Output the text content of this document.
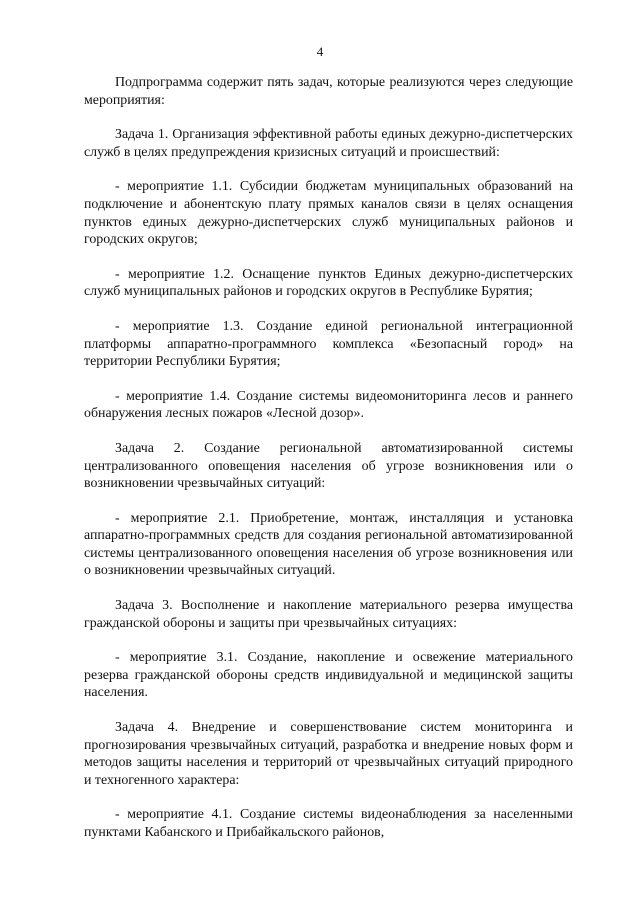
4

Подпрограмма содержит пять задач, которые реализуются через следующие мероприятия:

Задача 1. Организация эффективной работы единых дежурно-диспетчерских служб в целях предупреждения кризисных ситуаций и происшествий:

- мероприятие 1.1. Субсидии бюджетам муниципальных образований на подключение и абонентскую плату прямых каналов связи в целях оснащения пунктов единых дежурно-диспетчерских служб муниципальных районов и городских округов;

- мероприятие 1.2. Оснащение пунктов Единых дежурно-диспетчерских служб муниципальных районов и городских округов в Республике Бурятия;

- мероприятие 1.3. Создание единой региональной интеграционной платформы аппаратно-программного комплекса «Безопасный город» на территории Республики Бурятия;

- мероприятие 1.4. Создание системы видеомониторинга лесов и раннего обнаружения лесных пожаров «Лесной дозор».

Задача 2. Создание региональной автоматизированной системы централизованного оповещения населения об угрозе возникновения или о возникновении чрезвычайных ситуаций:

- мероприятие 2.1. Приобретение, монтаж, инсталляция и установка аппаратно-программных средств для создания региональной автоматизированной системы централизованного оповещения населения об угрозе возникновения или о возникновении чрезвычайных ситуаций.

Задача 3. Восполнение и накопление материального резерва имущества гражданской обороны и защиты при чрезвычайных ситуациях:

- мероприятие 3.1. Создание, накопление и освежение материального резерва гражданской обороны средств индивидуальной и медицинской защиты населения.

Задача 4. Внедрение и совершенствование систем мониторинга и прогнозирования чрезвычайных ситуаций, разработка и внедрение новых форм и методов защиты населения и территорий от чрезвычайных ситуаций природного и техногенного характера:

- мероприятие 4.1. Создание системы видеонаблюдения за населенными пунктами Кабанского и Прибайкальского районов,
